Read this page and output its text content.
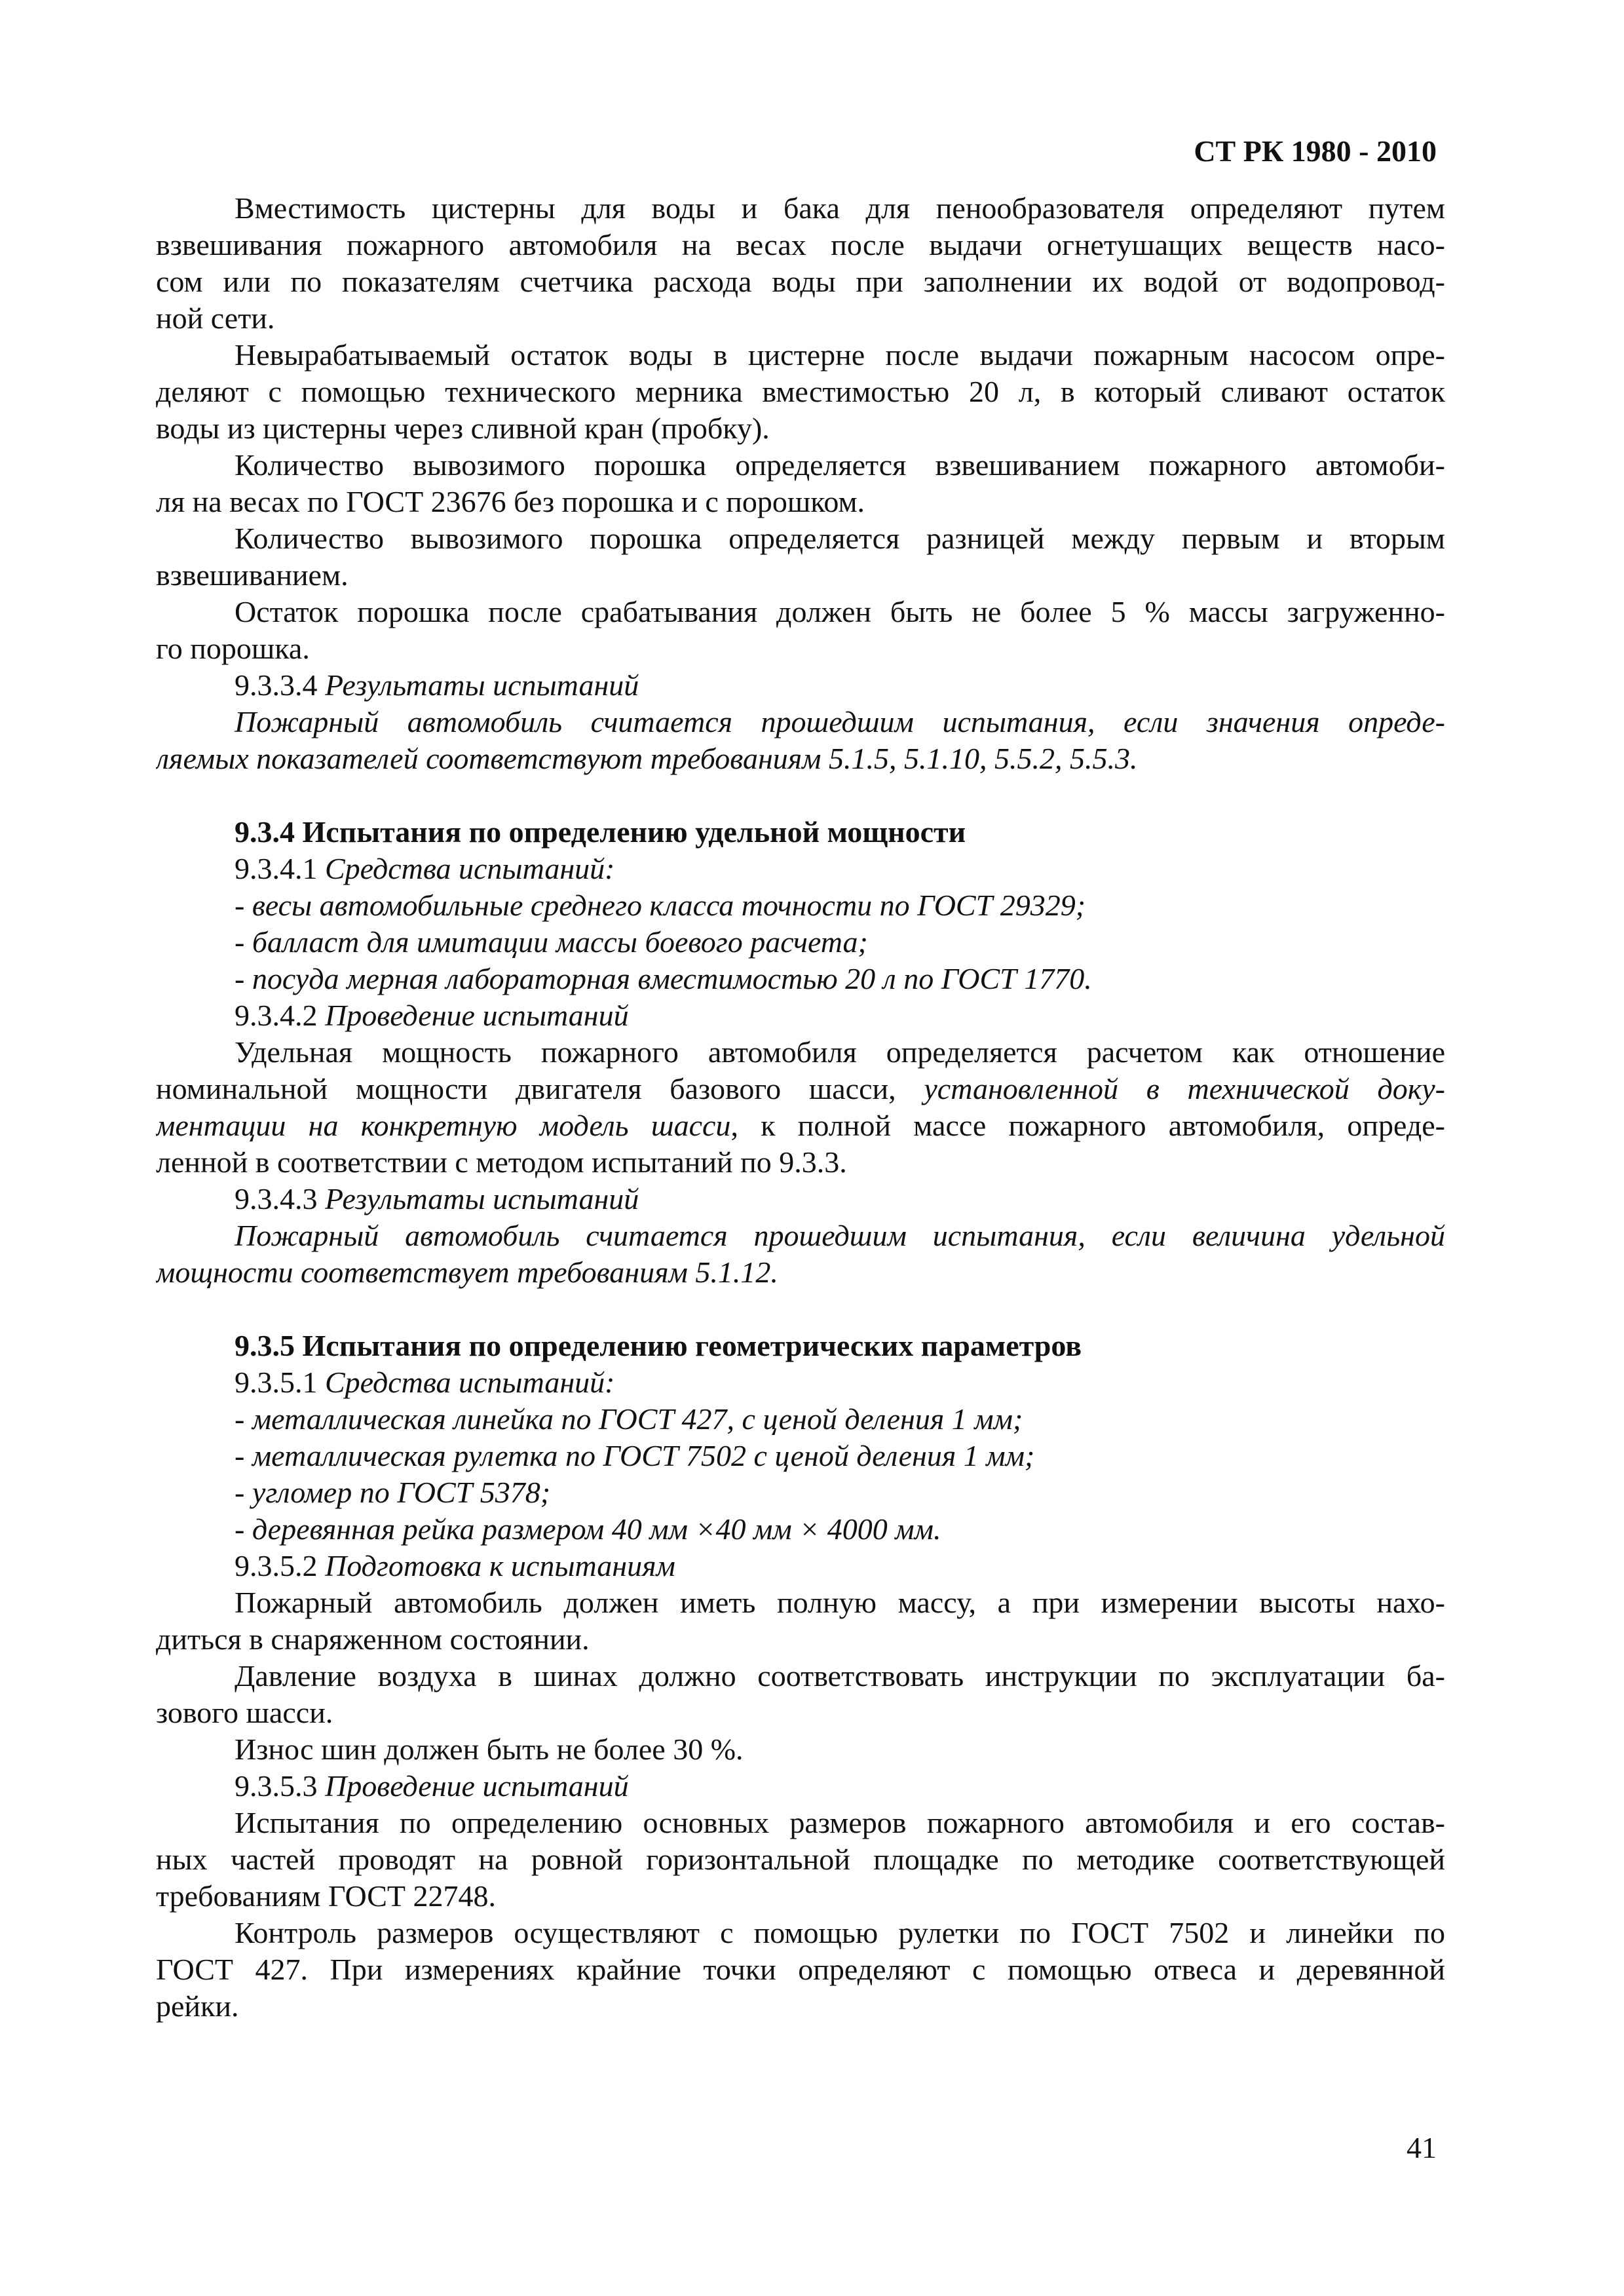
СТ РК 1980 - 2010

Вместимость цистерны для воды и бака для пенообразователя определяют путем
взвешивания пожарного автомобиля на весах после выдачи огнетушащих веществ насо-
сом или по показателям счетчика расхода воды при заполнении их водой от водопровод-
ной сети.
Невырабатываемый остаток воды в цистерне после выдачи пожарным насосом опре-
деляют с помощью технического мерника вместимостью 20 л, в который сливают остаток
воды из цистерны через сливной кран (пробку).
Количество вывозимого порошка определяется взвешиванием пожарного автомоби-
ля на весах по ГОСТ 23676 без порошка и с порошком.
Количество вывозимого порошка определяется разницей между первым и вторым
взвешиванием.
Остаток порошка после срабатывания должен быть не более 5 % массы загруженно-
го порошка.
9.3.3.4 Результаты испытаний
Пожарный автомобиль считается прошедшим испытания, если значения опреде-
ляемых показателей соответствуют требованиям 5.1.5, 5.1.10, 5.5.2, 5.5.3.
9.3.4 Испытания по определению удельной мощности
9.3.4.1 Средства испытаний:
- весы автомобильные среднего класса точности по ГОСТ 29329;
- балласт для имитации массы боевого расчета;
- посуда мерная лабораторная вместимостью 20 л по ГОСТ 1770.
9.3.4.2 Проведение испытаний
Удельная мощность пожарного автомобиля определяется расчетом как отношение
номинальной мощности двигателя базового шасси, установленной в технической доку-
ментации на конкретную модель шасси, к полной массе пожарного автомобиля, опреде-
ленной в соответствии с методом испытаний по 9.3.3.
9.3.4.3 Результаты испытаний
Пожарный автомобиль считается прошедшим испытания, если величина удельной
мощности соответствует требованиям 5.1.12.
9.3.5 Испытания по определению геометрических параметров
9.3.5.1 Средства испытаний:
- металлическая линейка по ГОСТ 427, с ценой деления 1 мм;
- металлическая рулетка по ГОСТ 7502 с ценой деления 1 мм;
- угломер по ГОСТ 5378;
- деревянная рейка размером 40 мм ×40 мм × 4000 мм.
9.3.5.2 Подготовка к испытаниям
Пожарный автомобиль должен иметь полную массу, а при измерении высоты нахо-
диться в снаряженном состоянии.
Давление воздуха в шинах должно соответствовать инструкции по эксплуатации ба-
зового шасси.
Износ шин должен быть не более 30 %.
9.3.5.3 Проведение испытаний
Испытания по определению основных размеров пожарного автомобиля и его состав-
ных частей проводят на ровной горизонтальной площадке по методике соответствующей
требованиям ГОСТ 22748.
Контроль размеров осуществляют с помощью рулетки по ГОСТ 7502 и линейки по
ГОСТ 427. При измерениях крайние точки определяют с помощью отвеса и деревянной
рейки.

41
